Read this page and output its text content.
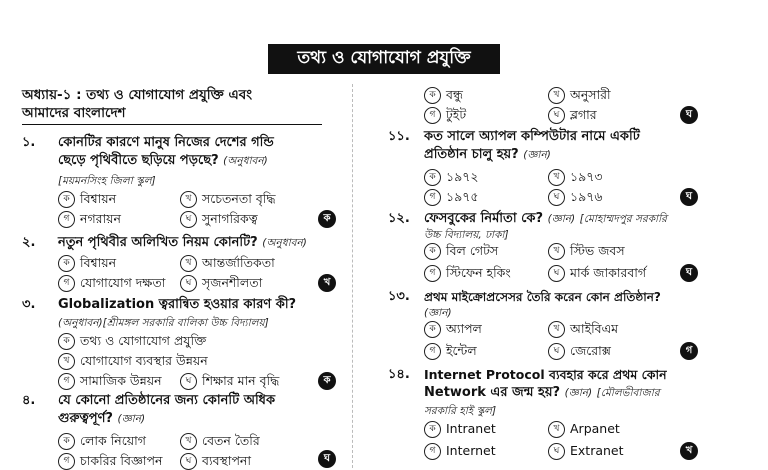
তথ্য ও যোগাযোগ প্রযুক্তি
অধ্যায়-১ : তথ্য ও যোগাযোগ প্রযুক্তি এবং
আমাদের বাংলাদেশ
১.	কোনটির কারণে মানুষ নিজের দেশের গন্ডি
ছেড়ে পৃথিবীতে ছড়িয়ে পড়ছে? (অনুধাবন)
[ময়মনসিংহ জিলা স্কুল]
ক বিশ্বায়ন	খ সচেতনতা বৃদ্ধি
গ নগরায়ন	ঘ সুনাগরিকত্ব	ক
২.	নতুন পৃথিবীর অলিখিত নিয়ম কোনটি? (অনুধাবন)
ক বিশ্বায়ন	খ আন্তর্জাতিকতা
গ যোগাযোগ দক্ষতা	ঘ সৃজনশীলতা	খ
৩.	Globalization ত্বরান্বিত হওয়ার কারণ কী?
(অনুধাবন)[শ্রীমঙ্গল সরকারি বালিকা উচ্চ বিদ্যালয়]
ক তথ্য ও যোগাযোগ প্রযুক্তি
খ যোগাযোগ ব্যবস্থার উন্নয়ন
গ সামাজিক উন্নয়ন	ঘ শিক্ষার মান বৃদ্ধি	ক
৪.	যে কোনো প্রতিষ্ঠানের জন্য কোনটি অধিক
গুরুত্বপূর্ণ? (জ্ঞান)
ক লোক নিয়োগ	খ বেতন তৈরি
গ চাকরির বিজ্ঞাপন	ঘ ব্যবস্থাপনা	ঘ
ক বন্ধু	খ অনুসারী
গ টুইট	ঘ ব্লগার	ঘ
১১.	কত সালে অ্যাপল কম্পিউটার নামে একটি
প্রতিষ্ঠান চালু হয়? (জ্ঞান)
ক ১৯৭২	খ ১৯৭৩
গ ১৯৭৫	ঘ ১৯৭৬	ঘ
১২.	ফেসবুকের নির্মাতা কে? (জ্ঞান) [মোহাম্মদপুর সরকারি
উচ্চ বিদ্যালয়, ঢাকা]
ক বিল গেটস	খ স্টিভ জবস
গ স্টিফেন হকিং	ঘ মার্ক জাকারবার্গ	ঘ
১৩.	প্রথম মাইক্রোপ্রসেসর তৈরি করেন কোন প্রতিষ্ঠান?
(জ্ঞান)
ক অ্যাপল	খ আইবিএম
গ ইন্টেল	ঘ জেরোক্স	গ
১৪.	Internet Protocol ব্যবহার করে প্রথম কোন
Network এর জন্ম হয়? (জ্ঞান) [মৌলভীবাজার
সরকারি হাই স্কুল]
ক Intranet	খ Arpanet
গ Internet	ঘ Extranet	খ
